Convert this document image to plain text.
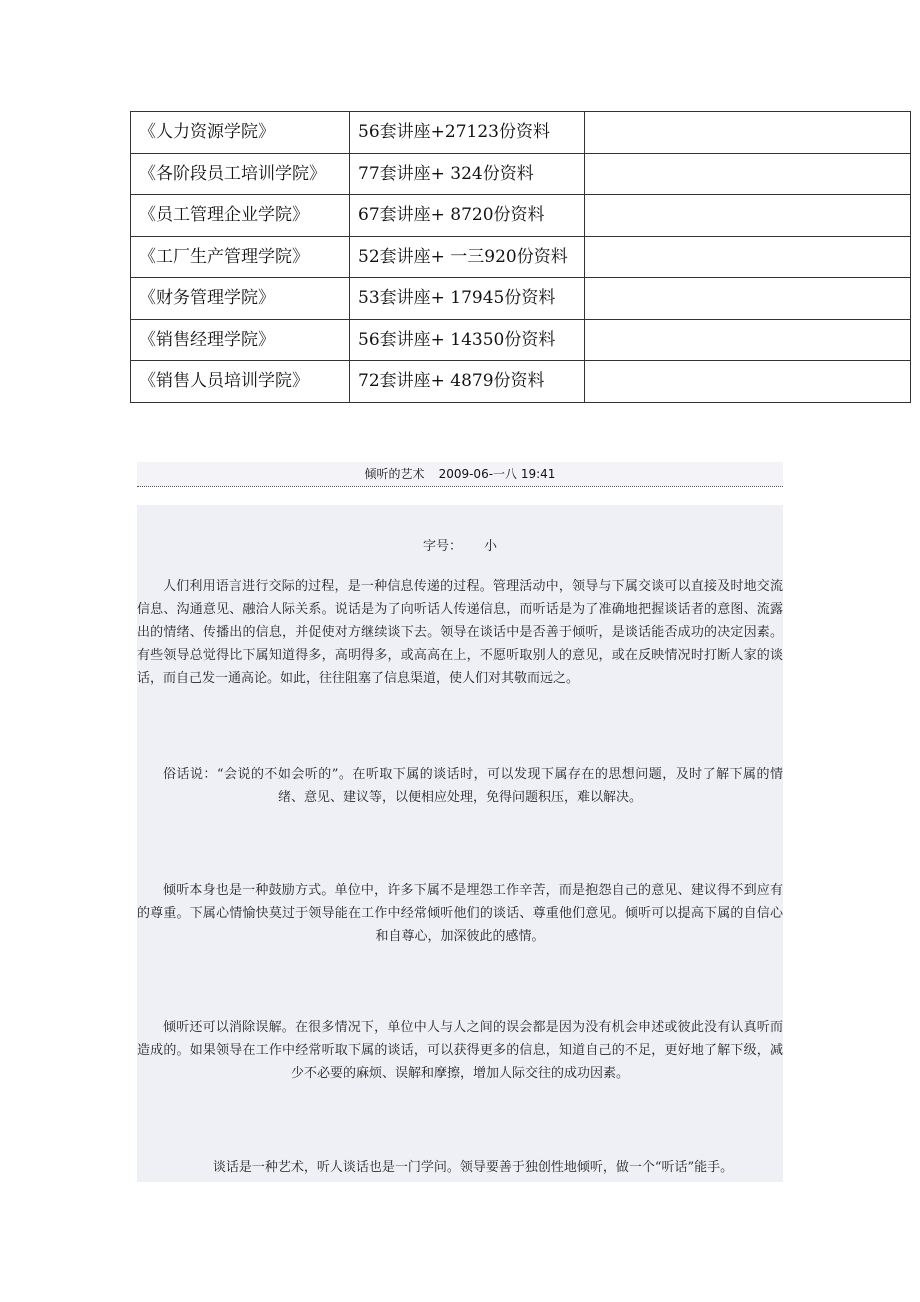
《人力资源学院》	56套讲座+27123份资料	
《各阶段员工培训学院》	77套讲座+ 324份资料	
《员工管理企业学院》	67套讲座+ 8720份资料	
《工厂生产管理学院》	52套讲座+ 一三920份资料	
《财务管理学院》	53套讲座+ 17945份资料	
《销售经理学院》	56套讲座+ 14350份资料	
《销售人员培训学院》	72套讲座+ 4879份资料	
倾听的艺术 2009-06-一八 19:41
字号： 小

人们利用语言进行交际的过程，是一种信息传递的过程。管理活动中，领导与下属交谈可以直接及时地交流信息、沟通意见、融洽人际关系。说话是为了向听话人传递信息，而听话是为了准确地把握谈话者的意图、流露出的情绪、传播出的信息，并促使对方继续谈下去。领导在谈话中是否善于倾听，是谈话能否成功的决定因素。有些领导总觉得比下属知道得多，高明得多，或高高在上，不愿听取别人的意见，或在反映情况时打断人家的谈话，而自己发一通高论。如此，往往阻塞了信息渠道，使人们对其敬而远之。

俗话说：“会说的不如会听的”。在听取下属的谈话时，可以发现下属存在的思想问题，及时了解下属的情绪、意见、建议等，以便相应处理，免得问题积压，难以解决。

倾听本身也是一种鼓励方式。单位中，许多下属不是埋怨工作辛苦，而是抱怨自己的意见、建议得不到应有的尊重。下属心情愉快莫过于领导能在工作中经常倾听他们的谈话、尊重他们意见。倾听可以提高下属的自信心和自尊心，加深彼此的感情。

倾听还可以消除误解。在很多情况下，单位中人与人之间的误会都是因为没有机会申述或彼此没有认真听而造成的。如果领导在工作中经常听取下属的谈话，可以获得更多的信息，知道自己的不足，更好地了解下级，减少不必要的麻烦、误解和摩擦，增加人际交往的成功因素。

谈话是一种艺术，听人谈话也是一门学问。领导要善于独创性地倾听，做一个“听话”能手。
